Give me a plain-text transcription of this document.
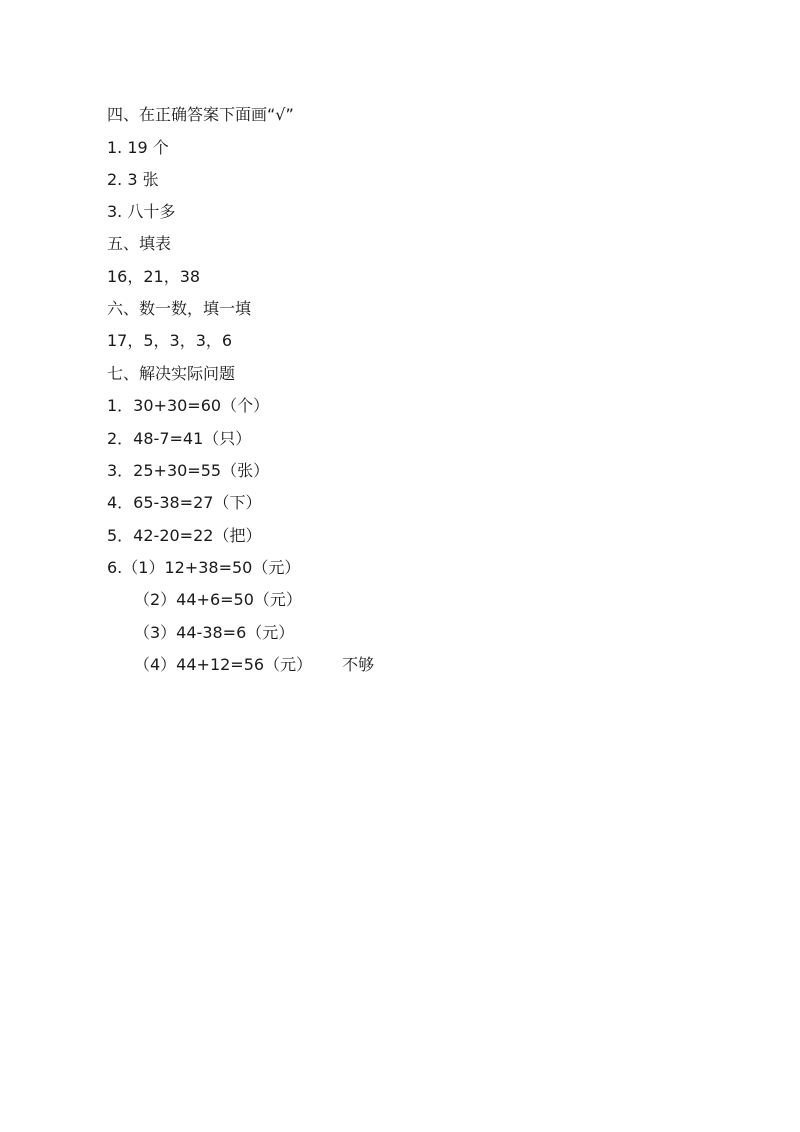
四、在正确答案下面画“√”
1. 19 个
2. 3 张
3. 八十多
五、填表
16，21，38
六、数一数，填一填
17，5，3，3，6
七、解决实际问题
1．30+30=60（个）
2．48-7=41（只）
3．25+30=55（张）
4．65-38=27（下）
5．42-20=22（把）
6.（1）12+38=50（元）
（2）44+6=50（元）
（3）44-38=6（元）
（4）44+12=56（元） 不够
